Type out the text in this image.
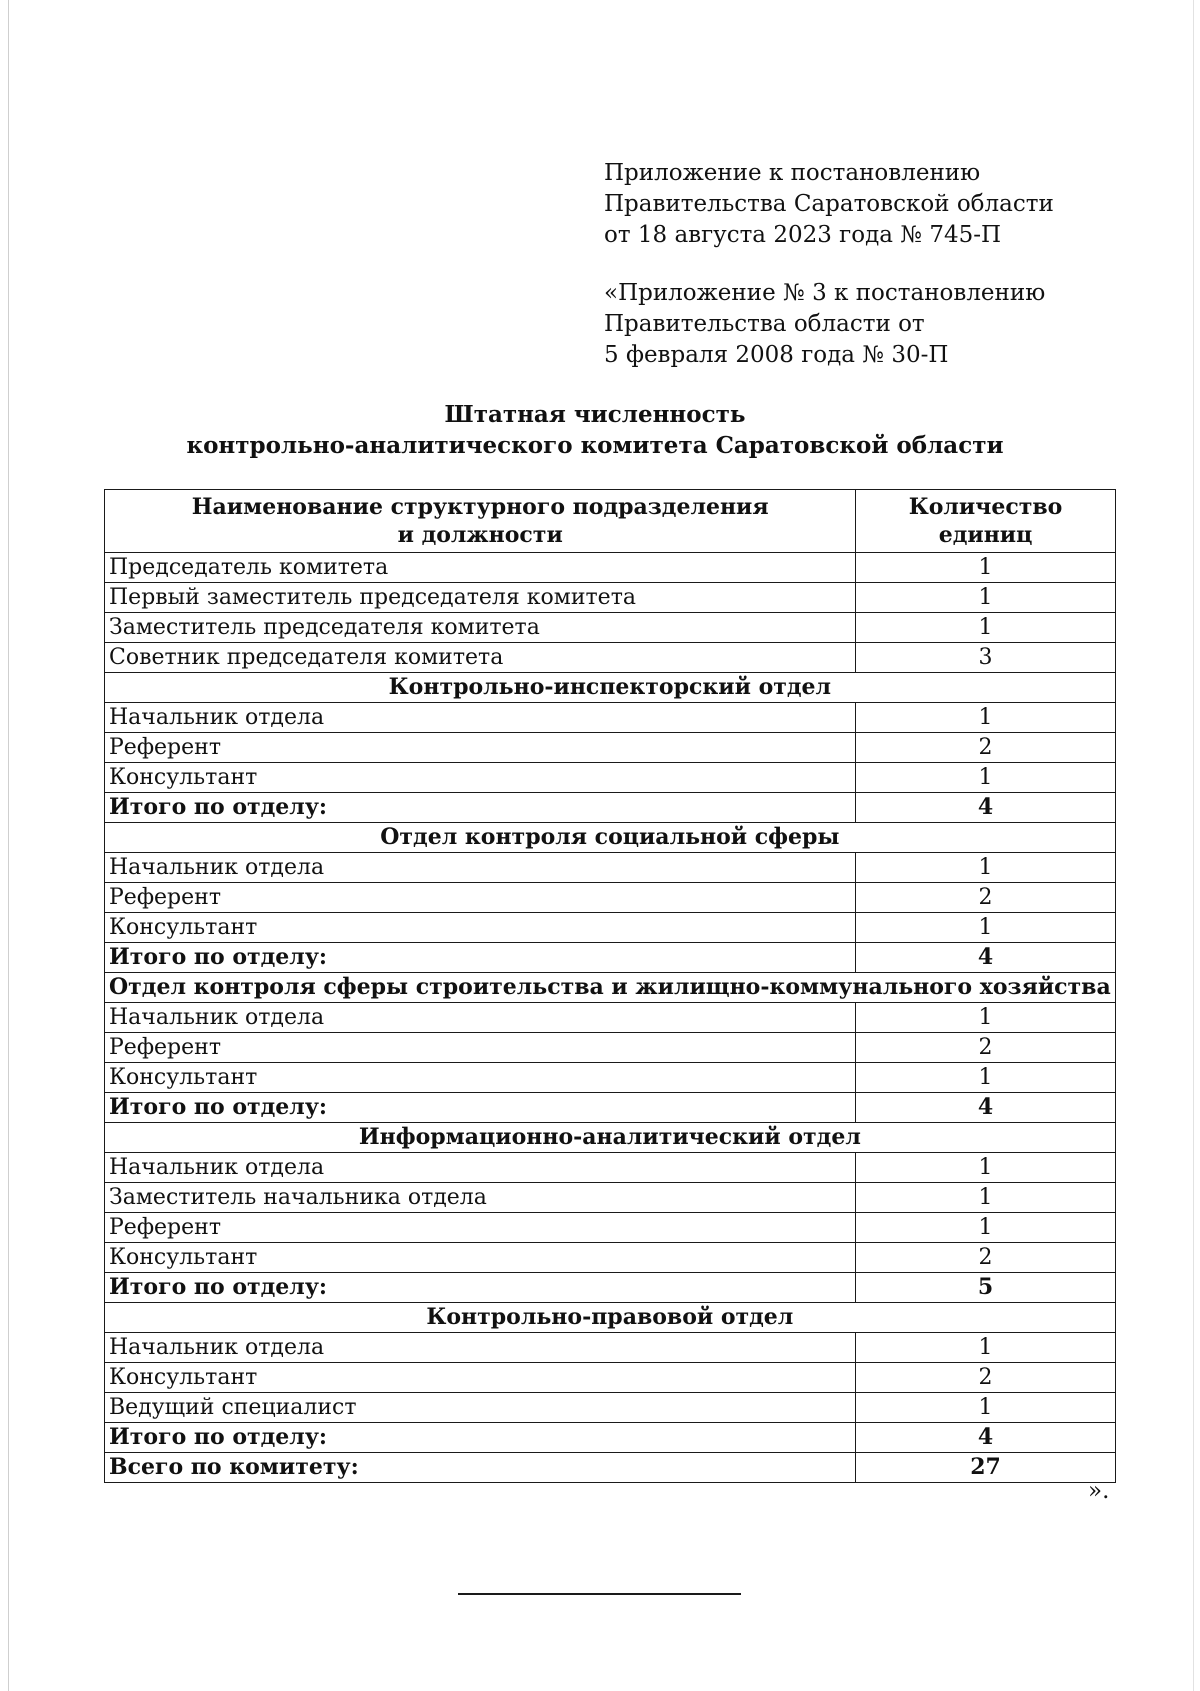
Приложение к постановлению
Правительства Саратовской области
от 18 августа 2023 года № 745-П
«Приложение № 3 к постановлению
Правительства области от
5 февраля 2008 года № 30-П
Штатная численность
контрольно-аналитического комитета Саратовской области
Наименование структурного подразделения
и должности	Количество
единиц
Председатель комитета	1
Первый заместитель председателя комитета	1
Заместитель председателя комитета	1
Советник председателя комитета	3
Контрольно-инспекторский отдел	
Начальник отдела	1
Референт	2
Консультант	1
Итого по отделу:	4
Отдел контроля социальной сферы	
Начальник отдела	1
Референт	2
Консультант	1
Итого по отделу:	4
Отдел контроля сферы строительства и жилищно-коммунального хозяйства	
Начальник отдела	1
Референт	2
Консультант	1
Итого по отделу:	4
Информационно-аналитический отдел	
Начальник отдела	1
Заместитель начальника отдела	1
Референт	1
Консультант	2
Итого по отделу:	5
Контрольно-правовой отдел	
Начальник отдела	1
Консультант	2
Ведущий специалист	1
Итого по отделу:	4
Всего по комитету:	27
».
